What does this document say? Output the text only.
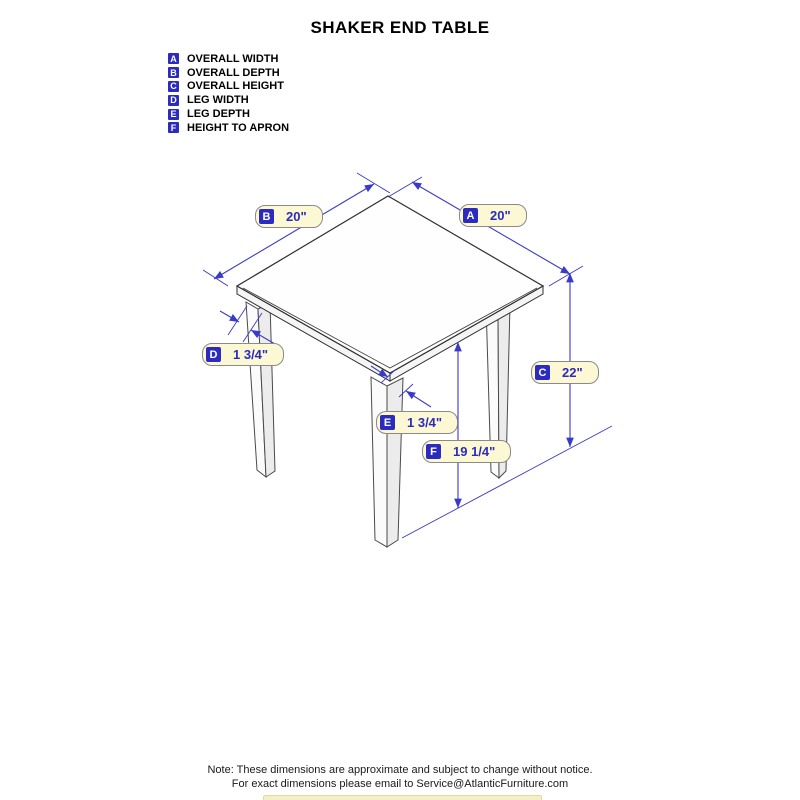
SHAKER END TABLE
A OVERALL WIDTH
B OVERALL DEPTH
C OVERALL HEIGHT
D LEG WIDTH
E LEG DEPTH
F HEIGHT TO APRON
B 20"	A 20"
D 1 3/4"
E 1 3/4"
F	19 1/4"
C 22"

Note: These dimensions are approximate and subject to change without notice.

For exact dimensions please email to Service@AtlanticFurniture.com
